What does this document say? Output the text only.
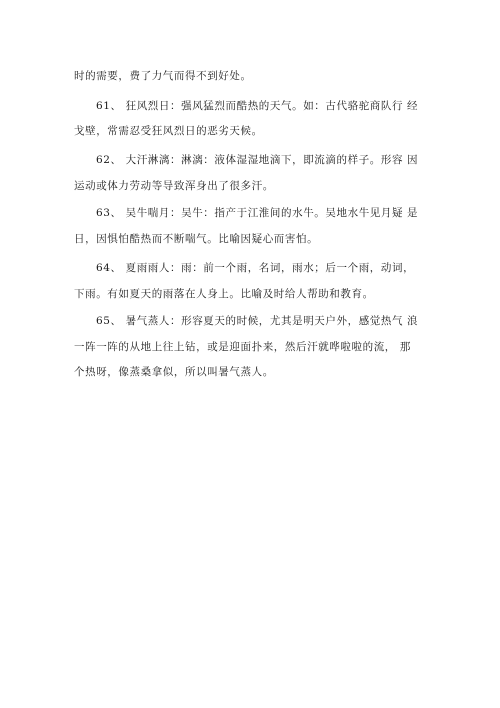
时的需要，费了力气而得不到好处。
61、 狂风烈日：强风猛烈而酷热的天气。如：古代骆驼商队行 经
戈壁，常需忍受狂风烈日的恶劣天候。
62、 大汗淋漓：淋漓：液体湿湿地滴下，即流滴的样子。形容 因
运动或体力劳动等导致浑身出了很多汗。
63、 吴牛喘月：吴牛：指产于江淮间的水牛。吴地水牛见月疑 是
日，因惧怕酷热而不断喘气。比喻因疑心而害怕。
64、 夏雨雨人：雨：前一个雨，名词，雨水；后一个雨，动词，
下雨。有如夏天的雨落在人身上。比喻及时给人帮助和教育。
65、 暑气蒸人：形容夏天的时候，尤其是明天户外，感觉热气 浪
一阵一阵的从地上往上钻，或是迎面扑来，然后汗就哗啦啦的流， 那
个热呀，像蒸桑拿似，所以叫暑气蒸人。
